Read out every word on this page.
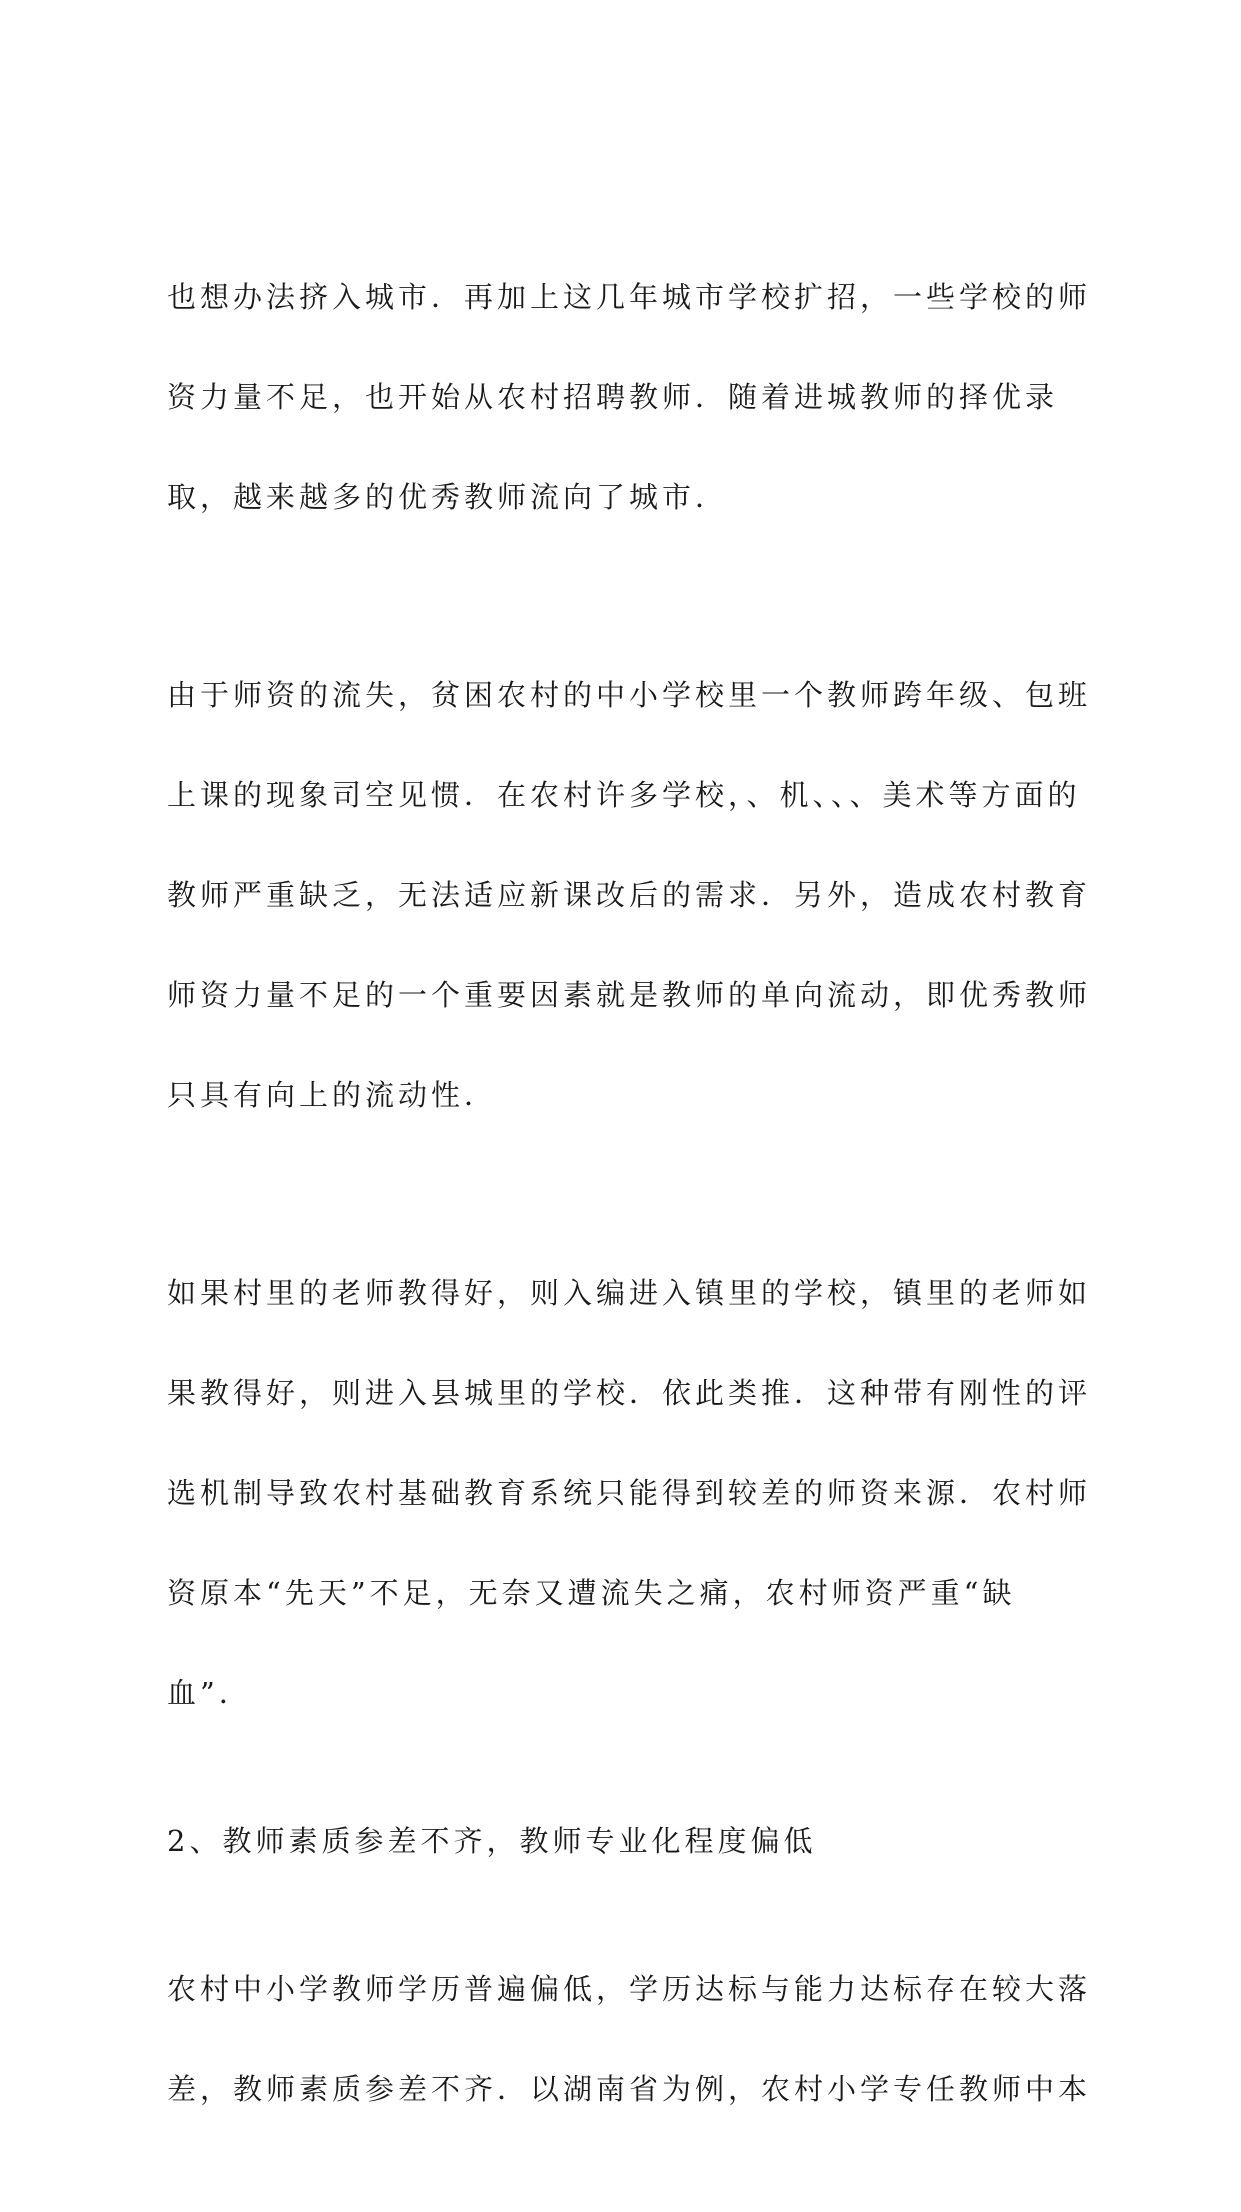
也想办法挤入城市．再加上这几年城市学校扩招，一些学校的师

资力量不足，也开始从农村招聘教师．随着进城教师的择优录

取，越来越多的优秀教师流向了城市．

由于师资的流失，贫困农村的中小学校里一个教师跨年级、包班

上课的现象司空见惯．在农村许多学校，、机、、、美术等方面的

教师严重缺乏，无法适应新课改后的需求．另外，造成农村教育

师资力量不足的一个重要因素就是教师的单向流动，即优秀教师

只具有向上的流动性．

如果村里的老师教得好，则入编进入镇里的学校，镇里的老师如

果教得好，则进入县城里的学校．依此类推．这种带有刚性的评

选机制导致农村基础教育系统只能得到较差的师资来源．农村师

资原本“先天”不足，无奈又遭流失之痛，农村师资严重“缺

血”．

2、教师素质参差不齐，教师专业化程度偏低

农村中小学教师学历普遍偏低，学历达标与能力达标存在较大落

差，教师素质参差不齐．以湖南省为例，农村小学专任教师中本
